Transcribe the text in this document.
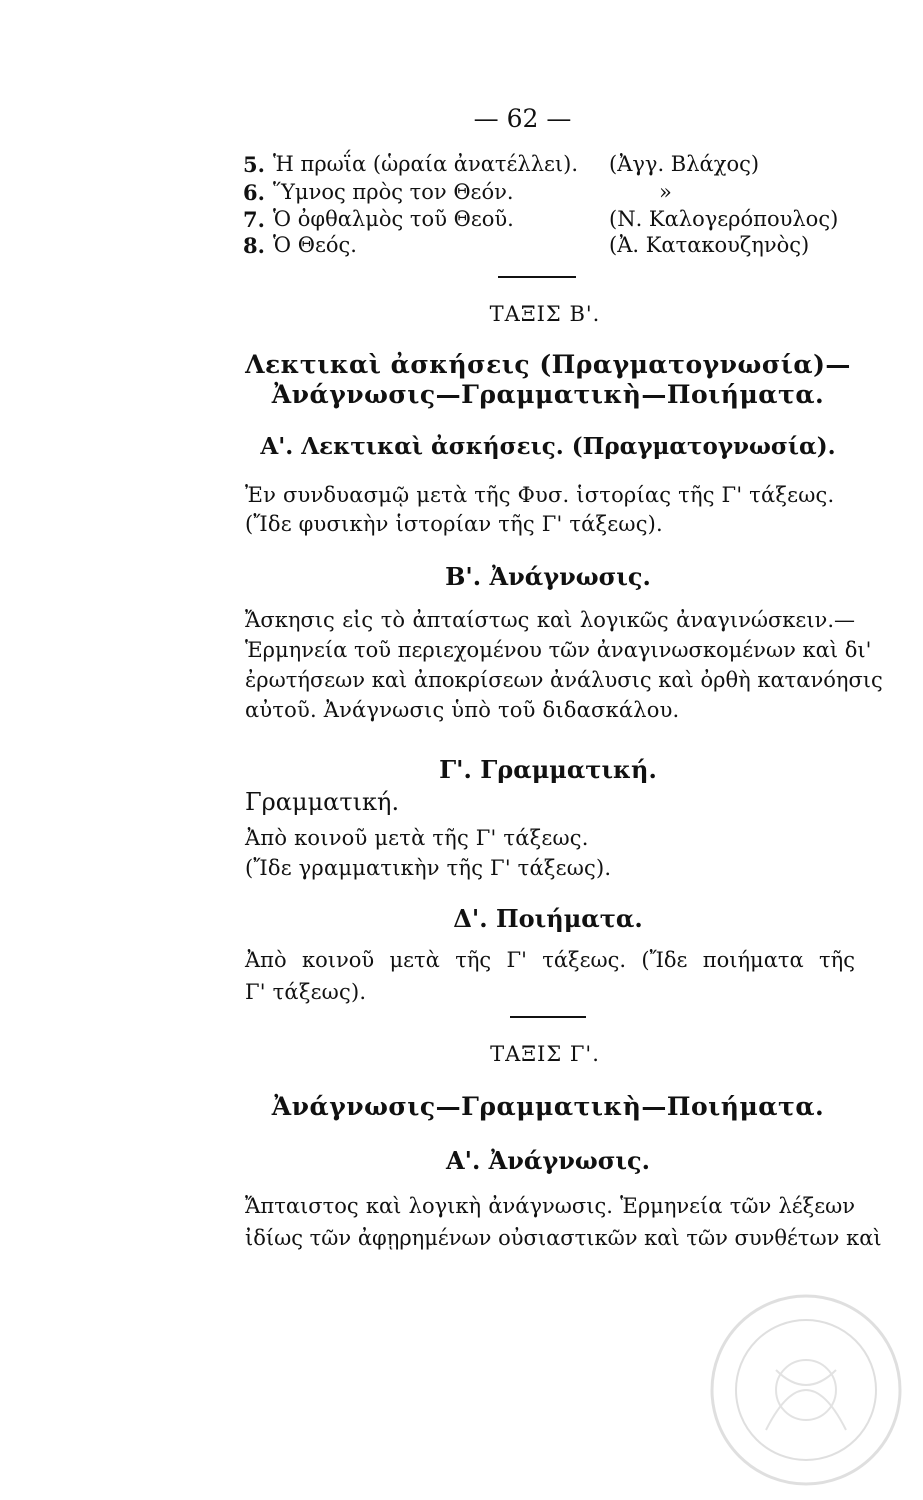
— 62 —
5. Ἡ πρωΐα (ὡραία ἀνατέλλει). (Ἀγγ. Βλάχος)
6. Ὕμνος πρὸς τον Θεόν.	»
7. Ὁ ὀφθαλμὸς τοῦ Θεοῦ.	(Ν. Καλογερόπουλος)
8. Ὁ Θεός.	(Ἀ. Κατακουζηνὸς)
ΤΑΞΙΣ Β'.
Λεκτικαὶ ἀσκήσεις (Πραγματογνωσία)—
Ἀνάγνωσις—Γραμματικὴ—Ποιήματα.
Α'. Λεκτικαὶ ἀσκήσεις. (Πραγματογνωσία).
Ἐν συνδυασμῷ μετὰ τῆς Φυσ. ἱστορίας τῆς Γ' τάξεως.
(Ἴδε φυσικὴν ἱστορίαν τῆς Γ' τάξεως).
Β'. Ἀνάγνωσις.
Ἄσκησις εἰς τὸ ἀπταίστως καὶ λογικῶς ἀναγινώσκειν.—
Ἑρμηνεία τοῦ περιεχομένου τῶν ἀναγινωσκομένων καὶ δι'
ἐρωτήσεων καὶ ἀποκρίσεων ἀνάλυσις καὶ ὀρθὴ κατανόησις
αὐτοῦ. Ἀνάγνωσις ὑπὸ τοῦ διδασκάλου.
Γ'. Γραμματική.
Γραμματική.
Ἀπὸ κοινοῦ μετὰ τῆς Γ' τάξεως.
(Ἴδε γραμματικὴν τῆς Γ' τάξεως).
Δ'. Ποιήματα.
Ἀπὸ κοινοῦ μετὰ τῆς Γ' τάξεως. (Ἴδε ποιήματα τῆς
Γ' τάξεως).
ΤΑΞΙΣ Γ'.
Ἀνάγνωσις—Γραμματικὴ—Ποιήματα.
Α'. Ἀνάγνωσις.
Ἄπταιστος καὶ λογικὴ ἀνάγνωσις. Ἑρμηνεία τῶν λέξεων
ἰδίως τῶν ἀφῃρημένων οὐσιαστικῶν καὶ τῶν συνθέτων καὶ
